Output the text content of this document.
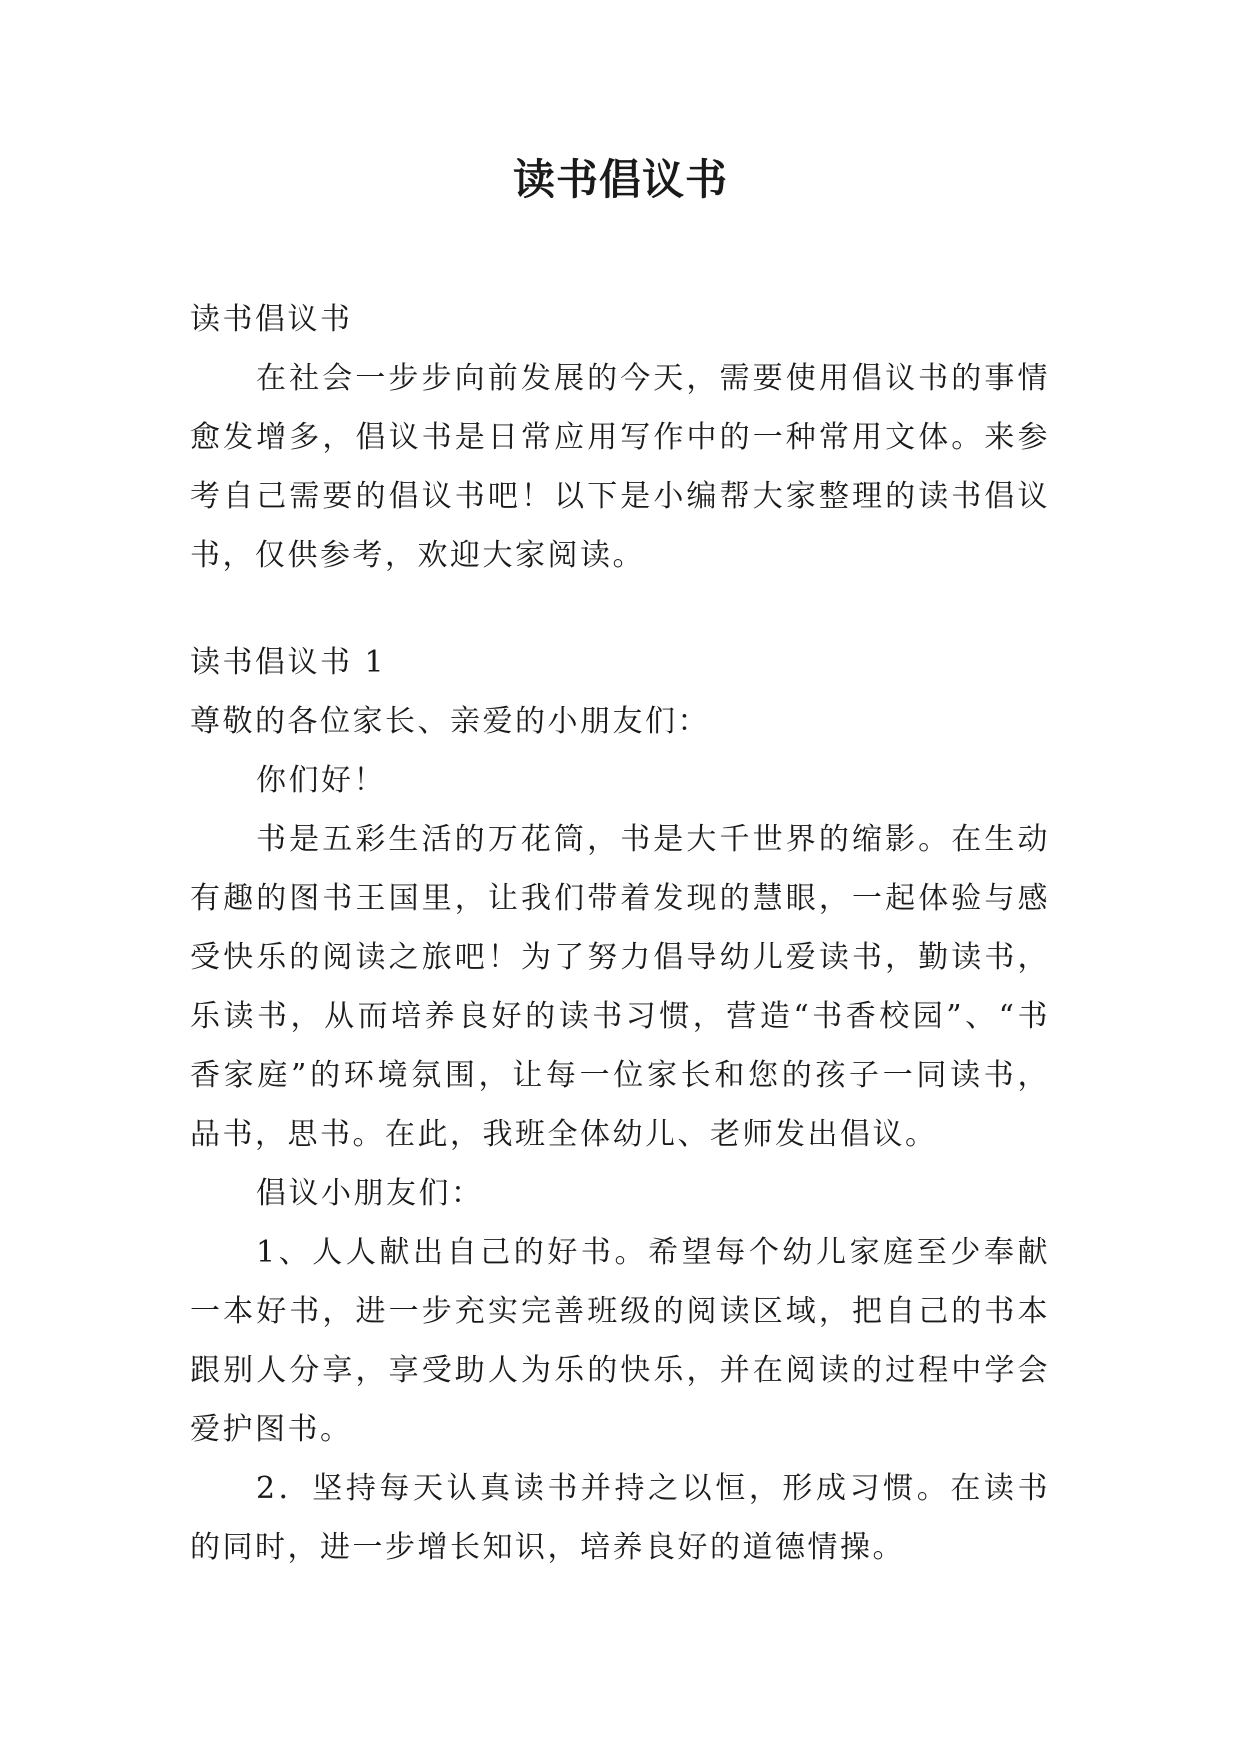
读书倡议书

读书倡议书

在社会一步步向前发展的今天，需要使用倡议书的事情愈发增多，倡议书是日常应用写作中的一种常用文体。来参考自己需要的倡议书吧！以下是小编帮大家整理的读书倡议书，仅供参考，欢迎大家阅读。

读书倡议书 1

尊敬的各位家长、亲爱的小朋友们：

你们好！

书是五彩生活的万花筒，书是大千世界的缩影。在生动有趣的图书王国里，让我们带着发现的慧眼，一起体验与感受快乐的阅读之旅吧！为了努力倡导幼儿爱读书，勤读书，乐读书，从而培养良好的读书习惯，营造“书香校园”、“书香家庭”的环境氛围，让每一位家长和您的孩子一同读书，品书，思书。在此，我班全体幼儿、老师发出倡议。

倡议小朋友们：

1、人人献出自己的好书。希望每个幼儿家庭至少奉献一本好书，进一步充实完善班级的阅读区域，把自己的书本跟别人分享，享受助人为乐的快乐，并在阅读的过程中学会爱护图书。

2．坚持每天认真读书并持之以恒，形成习惯。在读书的同时，进一步增长知识，培养良好的道德情操。
